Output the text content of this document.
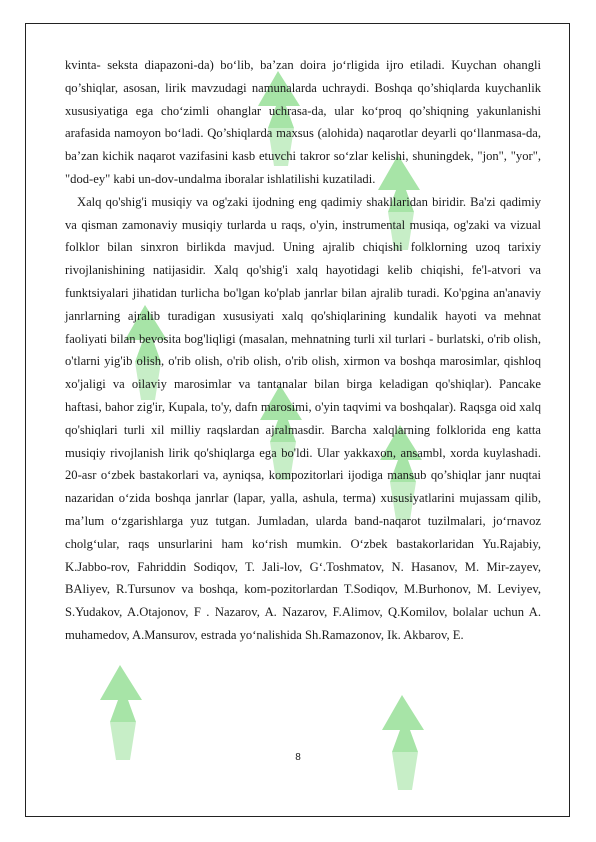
kvinta- seksta diapazoni-da) bo‘lib, ba’zan doira jo‘rligida ijro etiladi. Kuychan ohangli qo’shiqlar, asosan, lirik mavzudagi namunalarda uchraydi. Boshqa qo’shiqlarda kuychanlik xususiyatiga ega cho‘zimli ohanglar uchrasa-da, ular ko‘proq qo’shiqning yakunlanishi arafasida namoyon bo‘ladi. Qo’shiqlarda maxsus (alohida) naqarotlar deyarli qo‘llanmasa-da, ba’zan kichik naqarot vazifasini kasb etuvchi takror so‘zlar kelishi, shuningdek, "jon", "yor", "dod-ey" kabi un-dov-undalma iboralar ishlatilishi kuzatiladi.

Xalq qo'shig'i musiqiy va og'zaki ijodning eng qadimiy shakllaridan biridir. Ba'zi qadimiy va qisman zamonaviy musiqiy turlarda u raqs, o'yin, instrumental musiqa, og'zaki va vizual folklor bilan sinxron birlikda mavjud. Uning ajralib chiqishi folklorning uzoq tarixiy rivojlanishining natijasidir. Xalq qo'shig'i xalq hayotidagi kelib chiqishi, fe'l-atvori va funktsiyalari jihatidan turlicha bo'lgan ko'plab janrlar bilan ajralib turadi. Ko'pgina an'anaviy janrlarning ajralib turadigan xususiyati xalq qo'shiqlarining kundalik hayoti va mehnat faoliyati bilan bevosita bog'liqligi (masalan, mehnatning turli xil turlari - burlatski, o'rib olish, o'tlarni yig'ib olish, o'rib olish, o'rib olish, o'rib olish, xirmon va boshqa marosimlar, qishloq xo'jaligi va oilaviy marosimlar va tantanalar bilan birga keladigan qo'shiqlar). Pancake haftasi, bahor zig'ir, Kupala, to'y, dafn marosimi, o'yin taqvimi va boshqalar). Raqsga oid xalq qo'shiqlari turli xil milliy raqslardan ajralmasdir. Barcha xalqlarning folklorida eng katta musiqiy rivojlanish lirik qo'shiqlarga ega bo'ldi. Ular yakkaxon, ansambl, xorda kuylashadi. 20-asr o‘zbek bastakorlari va, ayniqsa, kompozitorlari ijodiga mansub qo’shiqlar janr nuqtai nazaridan o‘zida boshqa janrlar (lapar, yalla, ashula, terma) xususiyatlarini mujassam qilib, ma’lum o‘zgarishlarga yuz tutgan. Jumladan, ularda band-naqarot tuzilmalari, jo‘rnavoz cholg‘ular, raqs unsurlarini ham ko‘rish mumkin. O‘zbek bastakorlaridan Yu.Rajabiy, K.Jabbo-rov, Fahriddin Sodiqov, T. Jali-lov, G‘.Toshmatov, N. Hasanov, M. Mir-zayev, BAliyev, R.Tursunov va boshqa, kom-pozitorlardan T.Sodiqov, M.Burhonov, M. Leviyev, S.Yudakov, A.Otajonov, F . Nazarov, A. Nazarov, F.Alimov, Q.Komilov, bolalar uchun A. muhamedov, A.Mansurov, estrada yo‘nalishida Sh.Ramazonov, Ik. Akbarov, E.

8
